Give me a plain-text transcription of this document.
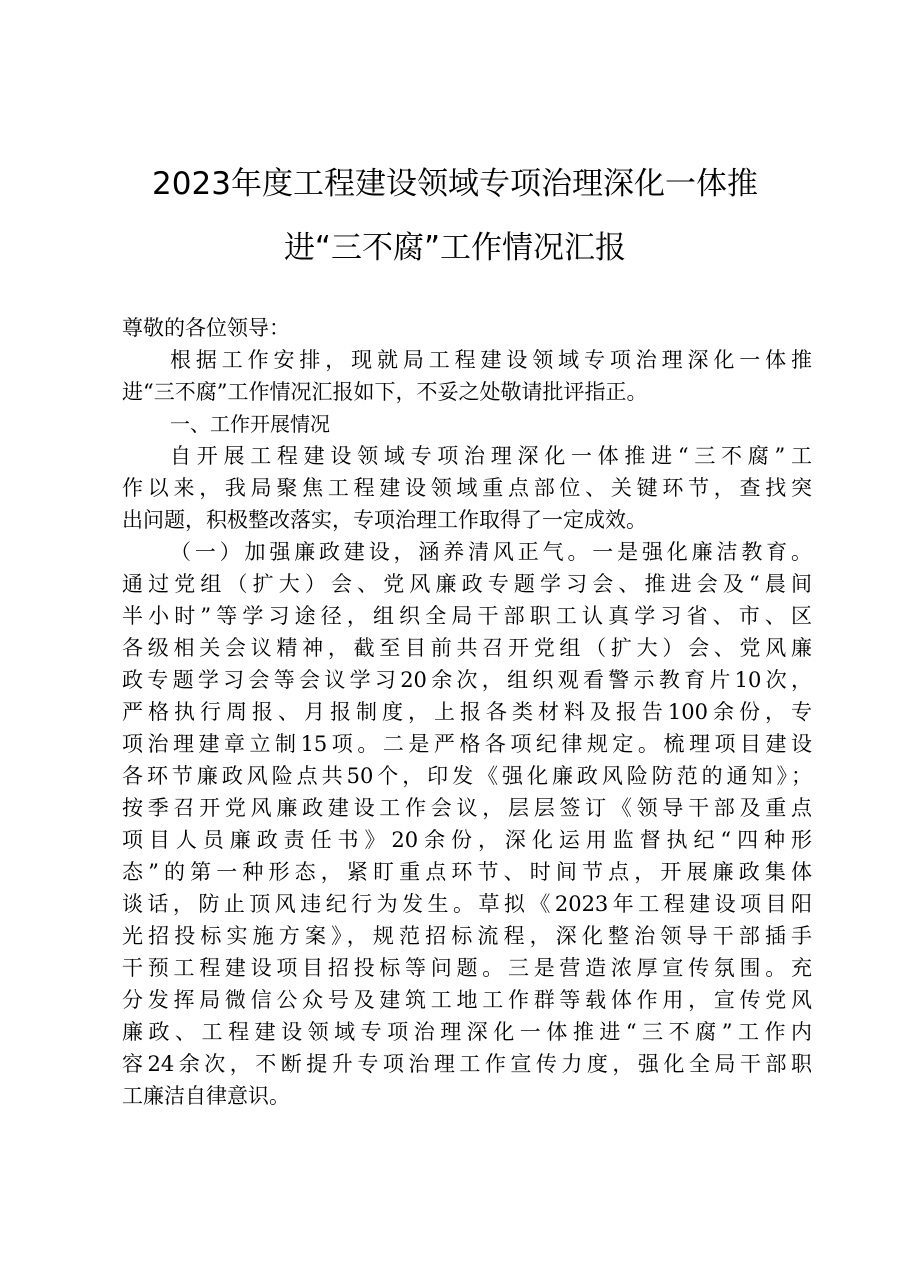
2023年度工程建设领域专项治理深化一体推
进“三不腐”工作情况汇报
尊敬的各位领导：
根据工作安排，现就局工程建设领域专项治理深化一体推
进“三不腐”工作情况汇报如下，不妥之处敬请批评指正。
一、工作开展情况
自开展工程建设领域专项治理深化一体推进“三不腐”工
作以来，我局聚焦工程建设领域重点部位、关键环节，查找突
出问题，积极整改落实，专项治理工作取得了一定成效。
（一）加强廉政建设，涵养清风正气。一是强化廉洁教育。
通过党组（扩大）会、党风廉政专题学习会、推进会及“晨间
半小时”等学习途径，组织全局干部职工认真学习省、市、区
各级相关会议精神，截至目前共召开党组（扩大）会、党风廉
政专题学习会等会议学习20余次，组织观看警示教育片10次，
严格执行周报、月报制度，上报各类材料及报告100余份，专
项治理建章立制15项。二是严格各项纪律规定。梳理项目建设
各环节廉政风险点共50个，印发《强化廉政风险防范的通知》；
按季召开党风廉政建设工作会议，层层签订《领导干部及重点
项目人员廉政责任书》20余份，深化运用监督执纪“四种形
态”的第一种形态，紧盯重点环节、时间节点，开展廉政集体
谈话，防止顶风违纪行为发生。草拟《2023年工程建设项目阳
光招投标实施方案》，规范招标流程，深化整治领导干部插手
干预工程建设项目招投标等问题。三是营造浓厚宣传氛围。充
分发挥局微信公众号及建筑工地工作群等载体作用，宣传党风
廉政、工程建设领域专项治理深化一体推进“三不腐”工作内
容24余次，不断提升专项治理工作宣传力度，强化全局干部职
工廉洁自律意识。
